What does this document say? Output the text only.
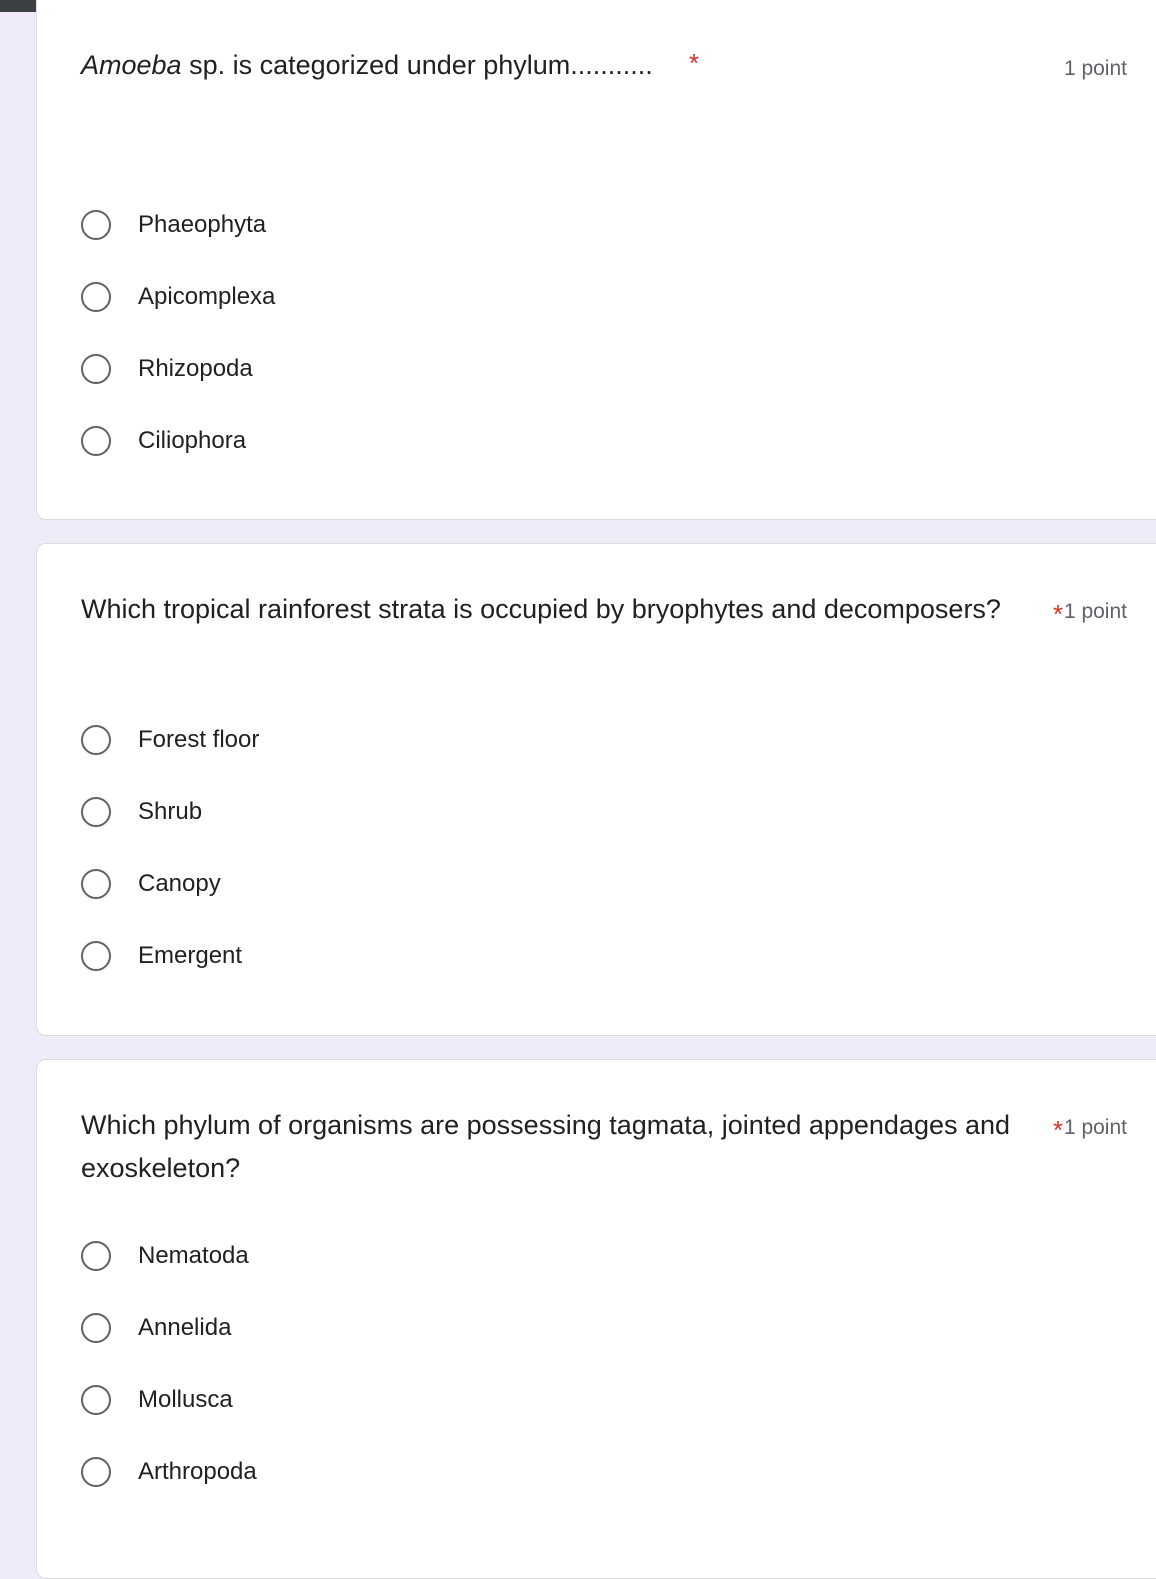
Amoeba sp. is categorized under phylum...........	*	1 point
Phaeophyta
Apicomplexa
Rhizopoda
Ciliophora
Which tropical rainforest strata is occupied by bryophytes and decomposers?	* 1 point
Forest floor
Shrub
Canopy
Emergent
Which phylum of organisms are possessing tagmata, jointed appendages and exoskeleton?
* 1 point
Nematoda
Annelida
Mollusca
Arthropoda
